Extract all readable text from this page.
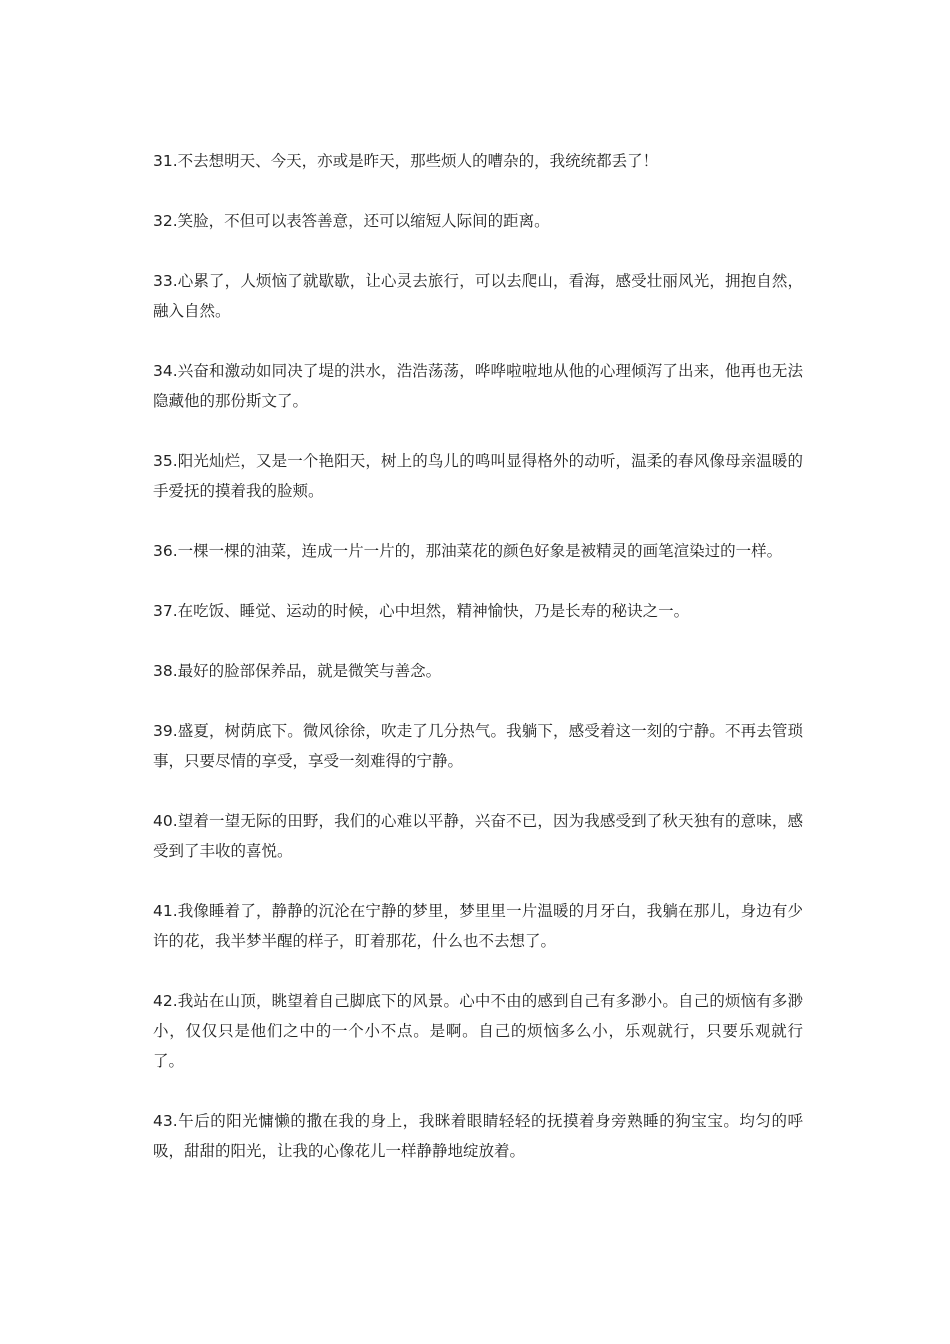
31.不去想明天、今天，亦或是昨天，那些烦人的嘈杂的，我统统都丢了！

32.笑脸，不但可以表答善意，还可以缩短人际间的距离。

33.心累了，人烦恼了就歇歇，让心灵去旅行，可以去爬山，看海，感受壮丽风光，拥抱自然，融入自然。

34.兴奋和激动如同决了堤的洪水，浩浩荡荡，哗哗啦啦地从他的心理倾泻了出来，他再也无法隐藏他的那份斯文了。

35.阳光灿烂，又是一个艳阳天，树上的鸟儿的鸣叫显得格外的动听，温柔的春风像母亲温暖的手爱抚的摸着我的脸颊。

36.一棵一棵的油菜，连成一片一片的，那油菜花的颜色好象是被精灵的画笔渲染过的一样。

37.在吃饭、睡觉、运动的时候，心中坦然，精神愉快，乃是长寿的秘诀之一。

38.最好的脸部保养品，就是微笑与善念。

39.盛夏，树荫底下。微风徐徐，吹走了几分热气。我躺下，感受着这一刻的宁静。不再去管琐事，只要尽情的享受，享受一刻难得的宁静。

40.望着一望无际的田野，我们的心难以平静，兴奋不已，因为我感受到了秋天独有的意味，感受到了丰收的喜悦。

41.我像睡着了，静静的沉沦在宁静的梦里，梦里里一片温暖的月牙白，我躺在那儿，身边有少许的花，我半梦半醒的样子，盯着那花，什么也不去想了。

42.我站在山顶，眺望着自己脚底下的风景。心中不由的感到自己有多渺小。自己的烦恼有多渺小，仅仅只是他们之中的一个小不点。是啊。自己的烦恼多么小，乐观就行，只要乐观就行了。

43.午后的阳光慵懒的撒在我的身上，我眯着眼睛轻轻的抚摸着身旁熟睡的狗宝宝。均匀的呼吸，甜甜的阳光，让我的心像花儿一样静静地绽放着。
